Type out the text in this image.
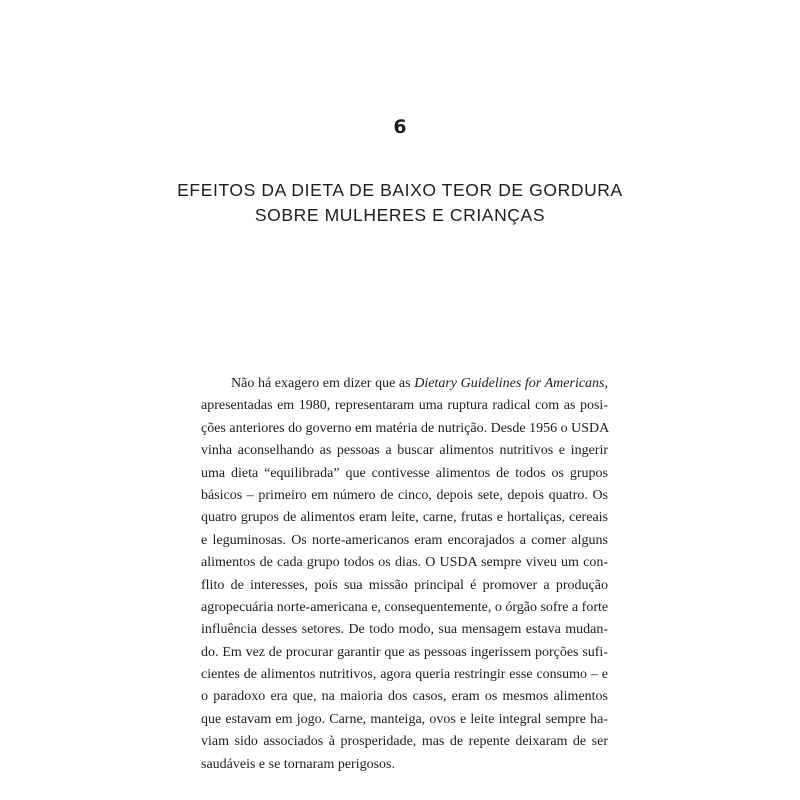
6
EFEITOS DA DIETA DE BAIXO TEOR DE GORDURA
SOBRE MULHERES E CRIANÇAS
Não há exagero em dizer que as Dietary Guidelines for Americans,
apresentadas em 1980, representaram uma ruptura radical com as posi-
ções anteriores do governo em matéria de nutrição. Desde 1956 o USDA
vinha aconselhando as pessoas a buscar alimentos nutritivos e ingerir
uma dieta “equilibrada” que contivesse alimentos de todos os grupos
básicos – primeiro em número de cinco, depois sete, depois quatro. Os
quatro grupos de alimentos eram leite, carne, frutas e hortaliças, cereais
e leguminosas. Os norte-americanos eram encorajados a comer alguns
alimentos de cada grupo todos os dias. O USDA sempre viveu um con-
flito de interesses, pois sua missão principal é promover a produção
agropecuária norte-americana e, consequentemente, o órgão sofre a forte
influência desses setores. De todo modo, sua mensagem estava mudan-
do. Em vez de procurar garantir que as pessoas ingerissem porções sufi-
cientes de alimentos nutritivos, agora queria restringir esse consumo – e
o paradoxo era que, na maioria dos casos, eram os mesmos alimentos
que estavam em jogo. Carne, manteiga, ovos e leite integral sempre ha-
viam sido associados à prosperidade, mas de repente deixaram de ser
saudáveis e se tornaram perigosos.
